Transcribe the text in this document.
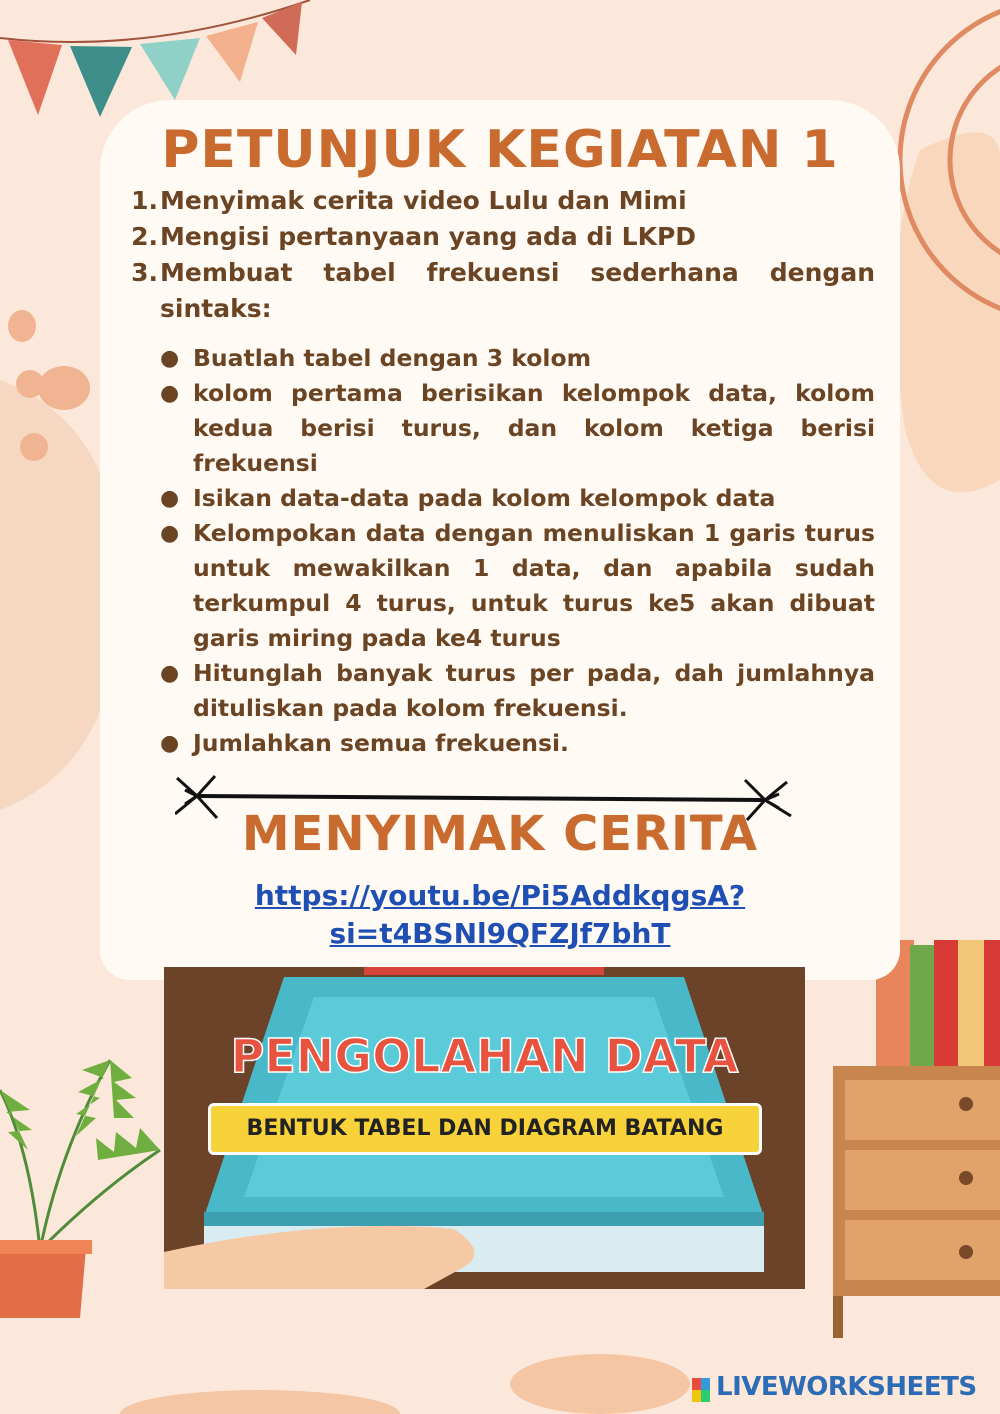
PETUNJUK KEGIATAN 1
1. Menyimak cerita video Lulu dan Mimi
2. Mengisi pertanyaan yang ada di LKPD
3. Membuat tabel frekuensi sederhana dengan sintaks:
● Buatlah tabel dengan 3 kolom
● kolom pertama berisikan kelompok data, kolom kedua berisi turus, dan kolom ketiga berisi frekuensi
● Isikan data-data pada kolom kelompok data
● Kelompokan data dengan menuliskan 1 garis turus untuk mewakilkan 1 data, dan apabila sudah terkumpul 4 turus, untuk turus ke5 akan dibuat garis miring pada ke4 turus
● Hitunglah banyak turus per pada, dah jumlahnya dituliskan pada kolom frekuensi.
● Jumlahkan semua frekuensi.
MENYIMAK CERITA
https://youtu.be/Pi5AddkqgsA?
si=t4BSNl9QFZJf7bhT
PENGOLAHAN DATA
BENTUK TABEL DAN DIAGRAM BATANG
LIVEWORKSHEETS
